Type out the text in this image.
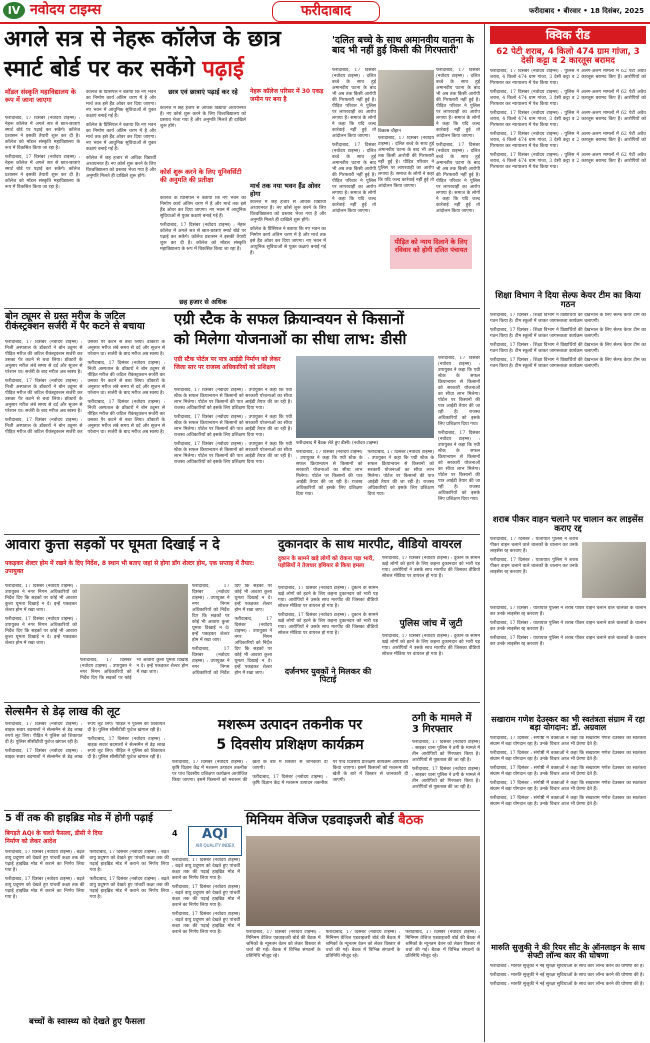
IV नवोदय टाइम्स	फरीदाबाद	फरीदाबाद • बीरवार • 18 दिसंबर, 2025
अगले सत्र से नेहरू कॉलेज के छात्र
स्मार्ट बोर्ड पर कर सकेंगे पढ़ाई
मॉडल संस्कृति महाविद्यालय के रूप में जाना जाएगा

फरीदाबाद, 17 दिसंबर (नवोदय टाइम्स) : नेहरू कॉलेज में अगले सत्र से छात्र-छात्राएं स्मार्ट बोर्ड पर पढ़ाई कर सकेंगे। कॉलेज प्रशासन ने इसकी तैयारी शुरू कर दी है। कॉलेज को मॉडल संस्कृति महाविद्यालय के रूप में विकसित किया जा रहा है।

फरीदाबाद, 17 दिसंबर (नवोदय टाइम्स) : नेहरू कॉलेज में अगले सत्र से छात्र-छात्राएं स्मार्ट बोर्ड पर पढ़ाई कर सकेंगे। कॉलेज प्रशासन ने इसकी तैयारी शुरू कर दी है। कॉलेज को मॉडल संस्कृति महाविद्यालय के रूप में विकसित किया जा रहा है।

कॉलेज के प्रिंसिपल ने बताया कि नए भवन का निर्माण कार्य अंतिम चरण में है और मार्च तक इसे हैंड ओवर कर दिया जाएगा। नए भवन में आधुनिक सुविधाओं से युक्त कक्षाएं बनाई गई हैं।

कॉलेज के प्रिंसिपल ने बताया कि नए भवन का निर्माण कार्य अंतिम चरण में है और मार्च तक इसे हैंड ओवर कर दिया जाएगा। नए भवन में आधुनिक सुविधाओं से युक्त कक्षाएं बनाई गई हैं।

कॉलेज में छह हजार से अधिक विद्यार्थी अध्ययनरत हैं। नए कोर्स शुरू करने के लिए विश्वविद्यालय को प्रस्ताव भेजा गया है और अनुमति मिलते ही दाखिले शुरू होंगे।

छात्र एवं छात्राएं पढ़ाई कर रहे

कॉलेज में छह हजार से अधिक विद्यार्थी अध्ययनरत हैं। नए कोर्स शुरू करने के लिए विश्वविद्यालय को प्रस्ताव भेजा गया है और अनुमति मिलते ही दाखिले शुरू होंगे।

कोर्स शुरू करने के लिए यूनिवर्सिटी की अनुमति की प्रतीक्षा

कॉलेज के प्रिंसिपल ने बताया कि नए भवन का निर्माण कार्य अंतिम चरण में है और मार्च तक इसे हैंड ओवर कर दिया जाएगा। नए भवन में आधुनिक सुविधाओं से युक्त कक्षाएं बनाई गई हैं।

फरीदाबाद, 17 दिसंबर (नवोदय टाइम्स) : नेहरू कॉलेज में अगले सत्र से छात्र-छात्राएं स्मार्ट बोर्ड पर पढ़ाई कर सकेंगे। कॉलेज प्रशासन ने इसकी तैयारी शुरू कर दी है। कॉलेज को मॉडल संस्कृति महाविद्यालय के रूप में विकसित किया जा रहा है।

नेहरू कॉलेज परिसर में 30 एकड़ जमीन पर बना है
मार्च तक नया भवन हैंड ओवर होगा

कॉलेज में छह हजार से अधिक विद्यार्थी अध्ययनरत हैं। नए कोर्स शुरू करने के लिए विश्वविद्यालय को प्रस्ताव भेजा गया है और अनुमति मिलते ही दाखिले शुरू होंगे।

कॉलेज के प्रिंसिपल ने बताया कि नए भवन का निर्माण कार्य अंतिम चरण में है और मार्च तक इसे हैंड ओवर कर दिया जाएगा। नए भवन में आधुनिक सुविधाओं से युक्त कक्षाएं बनाई गई हैं।

छह हजार से अधिक
'दलित बच्चे के साथ अमानवीय यातना के बाद भी नहीं हुई किसी की गिरफ्तारी'
विकास चौहान

फरीदाबाद, 17 दिसंबर (नवोदय टाइम्स) : दलित बच्चे के साथ हुई अमानवीय घटना के बाद भी अब तक किसी आरोपी की गिरफ्तारी नहीं हुई है। पीड़ित परिवार ने पुलिस पर लापरवाही का आरोप लगाया है। समाज के लोगों ने कहा कि यदि जल्द कार्रवाई नहीं हुई तो आंदोलन किया जाएगा।

फरीदाबाद, 17 दिसंबर (नवोदय टाइम्स) : दलित बच्चे के साथ हुई अमानवीय घटना के बाद भी अब तक किसी आरोपी की गिरफ्तारी नहीं हुई है। पीड़ित परिवार ने पुलिस पर लापरवाही का आरोप लगाया है। समाज के लोगों ने कहा कि यदि जल्द कार्रवाई नहीं हुई तो आंदोलन किया जाएगा।

फरीदाबाद, 17 दिसंबर (नवोदय टाइम्स) : दलित बच्चे के साथ हुई अमानवीय घटना के बाद भी अब तक किसी आरोपी की गिरफ्तारी नहीं हुई है। पीड़ित परिवार ने पुलिस पर लापरवाही का आरोप लगाया है। समाज के लोगों ने कहा कि यदि जल्द कार्रवाई नहीं हुई तो आंदोलन किया जाएगा।

फरीदाबाद, 17 दिसंबर (नवोदय टाइम्स) : दलित बच्चे के साथ हुई अमानवीय घटना के बाद भी अब तक किसी आरोपी की गिरफ्तारी नहीं हुई है। पीड़ित परिवार ने पुलिस पर लापरवाही का आरोप लगाया है। समाज के लोगों ने कहा कि यदि जल्द कार्रवाई नहीं हुई तो आंदोलन किया जाएगा।

फरीदाबाद, 17 दिसंबर (नवोदय टाइम्स) : दलित बच्चे के साथ हुई अमानवीय घटना के बाद भी अब तक किसी आरोपी की गिरफ्तारी नहीं हुई है। पीड़ित परिवार ने पुलिस पर लापरवाही का आरोप लगाया है। समाज के लोगों ने कहा कि यदि जल्द कार्रवाई नहीं हुई तो आंदोलन किया जाएगा।

पीड़ित को न्याय दिलाने के लिए रविवार को होगी दलित पंचायत
क्विक रीड
62 पेटी शराब, 4 किलो 474 ग्राम गांजा, 3 देसी कट्टा व 2 कारतूस बरामद

फरीदाबाद, 17 दिसंबर (नवोदय टाइम्स) : पुलिस ने अलग-अलग मामलों में 62 पेटी अवैध शराब, 4 किलो 474 ग्राम गांजा, 3 देसी कट्टा व 2 कारतूस बरामद किए हैं। आरोपियों को गिरफ्तार कर न्यायालय में पेश किया गया।

फरीदाबाद, 17 दिसंबर (नवोदय टाइम्स) : पुलिस ने अलग-अलग मामलों में 62 पेटी अवैध शराब, 4 किलो 474 ग्राम गांजा, 3 देसी कट्टा व 2 कारतूस बरामद किए हैं। आरोपियों को गिरफ्तार कर न्यायालय में पेश किया गया।

फरीदाबाद, 17 दिसंबर (नवोदय टाइम्स) : पुलिस ने अलग-अलग मामलों में 62 पेटी अवैध शराब, 4 किलो 474 ग्राम गांजा, 3 देसी कट्टा व 2 कारतूस बरामद किए हैं। आरोपियों को गिरफ्तार कर न्यायालय में पेश किया गया।

फरीदाबाद, 17 दिसंबर (नवोदय टाइम्स) : पुलिस ने अलग-अलग मामलों में 62 पेटी अवैध शराब, 4 किलो 474 ग्राम गांजा, 3 देसी कट्टा व 2 कारतूस बरामद किए हैं। आरोपियों को गिरफ्तार कर न्यायालय में पेश किया गया।

फरीदाबाद, 17 दिसंबर (नवोदय टाइम्स) : पुलिस ने अलग-अलग मामलों में 62 पेटी अवैध शराब, 4 किलो 474 ग्राम गांजा, 3 देसी कट्टा व 2 कारतूस बरामद किए हैं। आरोपियों को गिरफ्तार कर न्यायालय में पेश किया गया।

शिक्षा विभाग ने दिया सेल्फ केयर टीम का किया गठन

फरीदाबाद, 17 दिसंबर : शिक्षा विभाग ने विद्यार्थियों की देखभाल के लिए सेल्फ केयर टीम का गठन किया है। टीम स्कूलों में जाकर जागरूकता कार्यक्रम चलाएगी।

फरीदाबाद, 17 दिसंबर : शिक्षा विभाग ने विद्यार्थियों की देखभाल के लिए सेल्फ केयर टीम का गठन किया है। टीम स्कूलों में जाकर जागरूकता कार्यक्रम चलाएगी।

फरीदाबाद, 17 दिसंबर : शिक्षा विभाग ने विद्यार्थियों की देखभाल के लिए सेल्फ केयर टीम का गठन किया है। टीम स्कूलों में जाकर जागरूकता कार्यक्रम चलाएगी।

फरीदाबाद, 17 दिसंबर : शिक्षा विभाग ने विद्यार्थियों की देखभाल के लिए सेल्फ केयर टीम का गठन किया है। टीम स्कूलों में जाकर जागरूकता कार्यक्रम चलाएगी।

शराब पीकर वाहन चलाने पर चालान कर लाइसेंस कराए रद्द

फरीदाबाद, 17 दिसंबर : यातायात पुलिस ने शराब पीकर वाहन चलाने वाले चालकों के चालान कर उनके लाइसेंस रद्द करवाए हैं।

फरीदाबाद, 17 दिसंबर : यातायात पुलिस ने शराब पीकर वाहन चलाने वाले चालकों के चालान कर उनके लाइसेंस रद्द करवाए हैं।

फरीदाबाद, 17 दिसंबर : यातायात पुलिस ने शराब पीकर वाहन चलाने वाले चालकों के चालान कर उनके लाइसेंस रद्द करवाए हैं।

फरीदाबाद, 17 दिसंबर : यातायात पुलिस ने शराब पीकर वाहन चलाने वाले चालकों के चालान कर उनके लाइसेंस रद्द करवाए हैं।

फरीदाबाद, 17 दिसंबर : यातायात पुलिस ने शराब पीकर वाहन चलाने वाले चालकों के चालान कर उनके लाइसेंस रद्द करवाए हैं।

सखाराम गणेश देउस्कर का भी स्वतंत्रता संग्राम में रहा बड़ा योगदान: डॉ. अग्रवाल

फरीदाबाद, 17 दिसंबर : संगोष्ठी में वक्ताओं ने कहा कि सखाराम गणेश देउस्कर का स्वतंत्रता संग्राम में बड़ा योगदान रहा है। उनके विचार आज भी प्रेरणा देते हैं।

फरीदाबाद, 17 दिसंबर : संगोष्ठी में वक्ताओं ने कहा कि सखाराम गणेश देउस्कर का स्वतंत्रता संग्राम में बड़ा योगदान रहा है। उनके विचार आज भी प्रेरणा देते हैं।

फरीदाबाद, 17 दिसंबर : संगोष्ठी में वक्ताओं ने कहा कि सखाराम गणेश देउस्कर का स्वतंत्रता संग्राम में बड़ा योगदान रहा है। उनके विचार आज भी प्रेरणा देते हैं।

फरीदाबाद, 17 दिसंबर : संगोष्ठी में वक्ताओं ने कहा कि सखाराम गणेश देउस्कर का स्वतंत्रता संग्राम में बड़ा योगदान रहा है। उनके विचार आज भी प्रेरणा देते हैं।

फरीदाबाद, 17 दिसंबर : संगोष्ठी में वक्ताओं ने कहा कि सखाराम गणेश देउस्कर का स्वतंत्रता संग्राम में बड़ा योगदान रहा है। उनके विचार आज भी प्रेरणा देते हैं।

मारुति सुजुकी ने की रियर सीट के ऑनलाइन के साथ सेफ्टी लॉन्च कार की घोषणा

फरीदाबाद : मारुति सुजुकी ने नई सुरक्षा सुविधाओं के साथ कार लॉन्च करने की घोषणा की है।

फरीदाबाद : मारुति सुजुकी ने नई सुरक्षा सुविधाओं के साथ कार लॉन्च करने की घोषणा की है।

फरीदाबाद : मारुति सुजुकी ने नई सुरक्षा सुविधाओं के साथ कार लॉन्च करने की घोषणा की है।

बोन ट्यूमर से ग्रस्त मरीज के जटिल रीकंस्ट्रक्शन सर्जरी में पैर कटने से बचाया

फरीदाबाद, 17 दिसंबर (नवोदय टाइम्स) : निजी अस्पताल के डॉक्टरों ने बोन ट्यूमर से पीड़ित मरीज की जटिल रीकंस्ट्रक्शन सर्जरी कर उसका पैर कटने से बचा लिया। डॉक्टरों के अनुसार मरीज लंबे समय से दर्द और सूजन से परेशान था। सर्जरी के बाद मरीज अब स्वस्थ है।

फरीदाबाद, 17 दिसंबर (नवोदय टाइम्स) : निजी अस्पताल के डॉक्टरों ने बोन ट्यूमर से पीड़ित मरीज की जटिल रीकंस्ट्रक्शन सर्जरी कर उसका पैर कटने से बचा लिया। डॉक्टरों के अनुसार मरीज लंबे समय से दर्द और सूजन से परेशान था। सर्जरी के बाद मरीज अब स्वस्थ है।

फरीदाबाद, 17 दिसंबर (नवोदय टाइम्स) : निजी अस्पताल के डॉक्टरों ने बोन ट्यूमर से पीड़ित मरीज की जटिल रीकंस्ट्रक्शन सर्जरी कर उसका पैर कटने से बचा लिया। डॉक्टरों के अनुसार मरीज लंबे समय से दर्द और सूजन से परेशान था। सर्जरी के बाद मरीज अब स्वस्थ है।

फरीदाबाद, 17 दिसंबर (नवोदय टाइम्स) : निजी अस्पताल के डॉक्टरों ने बोन ट्यूमर से पीड़ित मरीज की जटिल रीकंस्ट्रक्शन सर्जरी कर उसका पैर कटने से बचा लिया। डॉक्टरों के अनुसार मरीज लंबे समय से दर्द और सूजन से परेशान था। सर्जरी के बाद मरीज अब स्वस्थ है।

फरीदाबाद, 17 दिसंबर (नवोदय टाइम्स) : निजी अस्पताल के डॉक्टरों ने बोन ट्यूमर से पीड़ित मरीज की जटिल रीकंस्ट्रक्शन सर्जरी कर उसका पैर कटने से बचा लिया। डॉक्टरों के अनुसार मरीज लंबे समय से दर्द और सूजन से परेशान था। सर्जरी के बाद मरीज अब स्वस्थ है।

एग्री स्टैक के सफल क्रियान्वयन से किसानों
को मिलेगा योजनाओं का सीधा लाभ: डीसी
एग्री स्टैक पोर्टल पर पात्र आईडी निर्माण को लेकर जिला स्तर पर राजस्व अधिकारियों को प्रशिक्षण

फरीदाबाद, 17 दिसंबर (नवोदय टाइम्स) : उपायुक्त ने कहा कि एग्री स्टैक के सफल क्रियान्वयन से किसानों को सरकारी योजनाओं का सीधा लाभ मिलेगा। पोर्टल पर किसानों की पात्र आईडी तैयार की जा रही है। राजस्व अधिकारियों को इसके लिए प्रशिक्षण दिया गया।

फरीदाबाद, 17 दिसंबर (नवोदय टाइम्स) : उपायुक्त ने कहा कि एग्री स्टैक के सफल क्रियान्वयन से किसानों को सरकारी योजनाओं का सीधा लाभ मिलेगा। पोर्टल पर किसानों की पात्र आईडी तैयार की जा रही है। राजस्व अधिकारियों को इसके लिए प्रशिक्षण दिया गया।

फरीदाबाद, 17 दिसंबर (नवोदय टाइम्स) : उपायुक्त ने कहा कि एग्री स्टैक के सफल क्रियान्वयन से किसानों को सरकारी योजनाओं का सीधा लाभ मिलेगा। पोर्टल पर किसानों की पात्र आईडी तैयार की जा रही है। राजस्व अधिकारियों को इसके लिए प्रशिक्षण दिया गया।

फरीदाबाद में बैठक लेते हुए डीसी। (नवोदय टाइम्स)

फरीदाबाद, 17 दिसंबर (नवोदय टाइम्स) : उपायुक्त ने कहा कि एग्री स्टैक के सफल क्रियान्वयन से किसानों को सरकारी योजनाओं का सीधा लाभ मिलेगा। पोर्टल पर किसानों की पात्र आईडी तैयार की जा रही है। राजस्व अधिकारियों को इसके लिए प्रशिक्षण दिया गया।

फरीदाबाद, 17 दिसंबर (नवोदय टाइम्स) : उपायुक्त ने कहा कि एग्री स्टैक के सफल क्रियान्वयन से किसानों को सरकारी योजनाओं का सीधा लाभ मिलेगा। पोर्टल पर किसानों की पात्र आईडी तैयार की जा रही है। राजस्व अधिकारियों को इसके लिए प्रशिक्षण दिया गया।

फरीदाबाद, 17 दिसंबर (नवोदय टाइम्स) : उपायुक्त ने कहा कि एग्री स्टैक के सफल क्रियान्वयन से किसानों को सरकारी योजनाओं का सीधा लाभ मिलेगा। पोर्टल पर किसानों की पात्र आईडी तैयार की जा रही है। राजस्व अधिकारियों को इसके लिए प्रशिक्षण दिया गया।

फरीदाबाद, 17 दिसंबर (नवोदय टाइम्स) : उपायुक्त ने कहा कि एग्री स्टैक के सफल क्रियान्वयन से किसानों को सरकारी योजनाओं का सीधा लाभ मिलेगा। पोर्टल पर किसानों की पात्र आईडी तैयार की जा रही है। राजस्व अधिकारियों को इसके लिए प्रशिक्षण दिया गया।

आवारा कुत्ता सड़कों पर घूमता दिखाई न दे
पकड़कर शेल्टर होम में रखने के दिए निर्देश, 8 स्थान भी बताए जहां से होगा डॉग शेल्टर होम, एक सप्ताह में तैयार: उपायुक्त

फरीदाबाद, 17 दिसंबर (नवोदय टाइम्स) : उपायुक्त ने नगर निगम अधिकारियों को निर्देश दिए कि सड़कों पर कोई भी आवारा कुत्ता घूमता दिखाई न दे। इन्हें पकड़कर शेल्टर होम में रखा जाए।

फरीदाबाद, 17 दिसंबर (नवोदय टाइम्स) : उपायुक्त ने नगर निगम अधिकारियों को निर्देश दिए कि सड़कों पर कोई भी आवारा कुत्ता घूमता दिखाई न दे। इन्हें पकड़कर शेल्टर होम में रखा जाए।

फरीदाबाद, 17 दिसंबर (नवोदय टाइम्स) : उपायुक्त ने नगर निगम अधिकारियों को निर्देश दिए कि सड़कों पर कोई भी आवारा कुत्ता घूमता दिखाई न दे। इन्हें पकड़कर शेल्टर होम में रखा जाए।

फरीदाबाद, 17 दिसंबर (नवोदय टाइम्स) : उपायुक्त ने नगर निगम अधिकारियों को निर्देश दिए कि सड़कों पर कोई भी आवारा कुत्ता घूमता दिखाई न दे। इन्हें पकड़कर शेल्टर होम में रखा जाए।

फरीदाबाद, 17 दिसंबर (नवोदय टाइम्स) : उपायुक्त ने नगर निगम अधिकारियों को निर्देश दिए कि सड़कों पर कोई भी आवारा कुत्ता घूमता दिखाई न दे। इन्हें पकड़कर शेल्टर होम में रखा जाए।

फरीदाबाद, 17 दिसंबर (नवोदय टाइम्स) : उपायुक्त ने नगर निगम अधिकारियों को निर्देश दिए कि सड़कों पर कोई भी आवारा कुत्ता घूमता दिखाई न दे। इन्हें पकड़कर शेल्टर होम में रखा जाए।

दुकानदार के साथ मारपीट, वीडियो वायरल
दुकान के सामने खड़े लोगों को रोकना पड़ा भारी, पड़ोसियों ने तेजधार हथियार से किया हमला

फरीदाबाद, 17 दिसंबर (नवोदय टाइम्स) : दुकान के सामने खड़े लोगों को हटने के लिए कहना दुकानदार को भारी पड़ गया। आरोपियों ने उसके साथ मारपीट की जिसका वीडियो सोशल मीडिया पर वायरल हो गया है।

फरीदाबाद, 17 दिसंबर (नवोदय टाइम्स) : दुकान के सामने खड़े लोगों को हटने के लिए कहना दुकानदार को भारी पड़ गया। आरोपियों ने उसके साथ मारपीट की जिसका वीडियो सोशल मीडिया पर वायरल हो गया है।

दर्जनभर युवकों ने मिलकर की पिटाई

फरीदाबाद, 17 दिसंबर (नवोदय टाइम्स) : दुकान के सामने खड़े लोगों को हटने के लिए कहना दुकानदार को भारी पड़ गया। आरोपियों ने उसके साथ मारपीट की जिसका वीडियो सोशल मीडिया पर वायरल हो गया है।

पुलिस जांच में जुटी

फरीदाबाद, 17 दिसंबर (नवोदय टाइम्स) : दुकान के सामने खड़े लोगों को हटने के लिए कहना दुकानदार को भारी पड़ गया। आरोपियों ने उसके साथ मारपीट की जिसका वीडियो सोशल मीडिया पर वायरल हो गया है।

सेल्समैन से डेढ़ लाख की लूट

फरीदाबाद, 17 दिसंबर (नवोदय टाइम्स) : बाइक सवार बदमाशों ने सेल्समैन से डेढ़ लाख रुपये लूट लिए। पीड़ित ने पुलिस को शिकायत दी है। पुलिस सीसीटीवी फुटेज खंगाल रही है।

फरीदाबाद, 17 दिसंबर (नवोदय टाइम्स) : बाइक सवार बदमाशों ने सेल्समैन से डेढ़ लाख रुपये लूट लिए। पीड़ित ने पुलिस को शिकायत दी है। पुलिस सीसीटीवी फुटेज खंगाल रही है।

फरीदाबाद, 17 दिसंबर (नवोदय टाइम्स) : बाइक सवार बदमाशों ने सेल्समैन से डेढ़ लाख रुपये लूट लिए। पीड़ित ने पुलिस को शिकायत दी है। पुलिस सीसीटीवी फुटेज खंगाल रही है।

मशरूम उत्पादन तकनीक पर
5 दिवसीय प्रशिक्षण कार्यक्रम

फरीदाबाद, 17 दिसंबर (नवोदय टाइम्स) : कृषि विज्ञान केंद्र में मशरूम उत्पादन तकनीक पर पांच दिवसीय प्रशिक्षण कार्यक्रम आयोजित किया जाएगा। इसमें किसानों को मशरूम की खेती के बारे में विस्तार से जानकारी दी जाएगी।

फरीदाबाद, 17 दिसंबर (नवोदय टाइम्स) : कृषि विज्ञान केंद्र में मशरूम उत्पादन तकनीक पर पांच दिवसीय प्रशिक्षण कार्यक्रम आयोजित किया जाएगा। इसमें किसानों को मशरूम की खेती के बारे में विस्तार से जानकारी दी जाएगी।

ठगी के मामले में 3 गिरफ्तार

फरीदाबाद, 17 दिसंबर (नवोदय टाइम्स) : साइबर थाना पुलिस ने ठगी के मामले में तीन आरोपियों को गिरफ्तार किया है। आरोपियों से पूछताछ की जा रही है।

फरीदाबाद, 17 दिसंबर (नवोदय टाइम्स) : साइबर थाना पुलिस ने ठगी के मामले में तीन आरोपियों को गिरफ्तार किया है। आरोपियों से पूछताछ की जा रही है।

5 वीं तक की हाइब्रिड मोड में होगी पढ़ाई
बिगड़ते AQI के चलते फैसला, डीसी ने दिया निर्माण को लेकर आदेश

फरीदाबाद, 17 दिसंबर (नवोदय टाइम्स) : बढ़ते वायु प्रदूषण को देखते हुए पांचवीं कक्षा तक की पढ़ाई हाइब्रिड मोड में कराने का निर्णय लिया गया है।

फरीदाबाद, 17 दिसंबर (नवोदय टाइम्स) : बढ़ते वायु प्रदूषण को देखते हुए पांचवीं कक्षा तक की पढ़ाई हाइब्रिड मोड में कराने का निर्णय लिया गया है।

फरीदाबाद, 17 दिसंबर (नवोदय टाइम्स) : बढ़ते वायु प्रदूषण को देखते हुए पांचवीं कक्षा तक की पढ़ाई हाइब्रिड मोड में कराने का निर्णय लिया गया है।

फरीदाबाद, 17 दिसंबर (नवोदय टाइम्स) : बढ़ते वायु प्रदूषण को देखते हुए पांचवीं कक्षा तक की पढ़ाई हाइब्रिड मोड में कराने का निर्णय लिया गया है।

बच्चों के स्वास्थ्य को देखते हुए फैसला
4	AQI
AIR QUALITY INDEX

फरीदाबाद, 17 दिसंबर (नवोदय टाइम्स) : बढ़ते वायु प्रदूषण को देखते हुए पांचवीं कक्षा तक की पढ़ाई हाइब्रिड मोड में कराने का निर्णय लिया गया है।

फरीदाबाद, 17 दिसंबर (नवोदय टाइम्स) : बढ़ते वायु प्रदूषण को देखते हुए पांचवीं कक्षा तक की पढ़ाई हाइब्रिड मोड में कराने का निर्णय लिया गया है।

फरीदाबाद, 17 दिसंबर (नवोदय टाइम्स) : बढ़ते वायु प्रदूषण को देखते हुए पांचवीं कक्षा तक की पढ़ाई हाइब्रिड मोड में कराने का निर्णय लिया गया है।

मिनियम वेजिज एडवाइजरी बोर्ड बैठक

फरीदाबाद, 17 दिसंबर (नवोदय टाइम्स) : मिनिमम वेजिज एडवाइजरी बोर्ड की बैठक में श्रमिकों के न्यूनतम वेतन को लेकर विस्तार से चर्चा की गई। बैठक में विभिन्न संगठनों के प्रतिनिधि मौजूद रहे।

फरीदाबाद, 17 दिसंबर (नवोदय टाइम्स) : मिनिमम वेजिज एडवाइजरी बोर्ड की बैठक में श्रमिकों के न्यूनतम वेतन को लेकर विस्तार से चर्चा की गई। बैठक में विभिन्न संगठनों के प्रतिनिधि मौजूद रहे।

फरीदाबाद, 17 दिसंबर (नवोदय टाइम्स) : मिनिमम वेजिज एडवाइजरी बोर्ड की बैठक में श्रमिकों के न्यूनतम वेतन को लेकर विस्तार से चर्चा की गई। बैठक में विभिन्न संगठनों के प्रतिनिधि मौजूद रहे।
